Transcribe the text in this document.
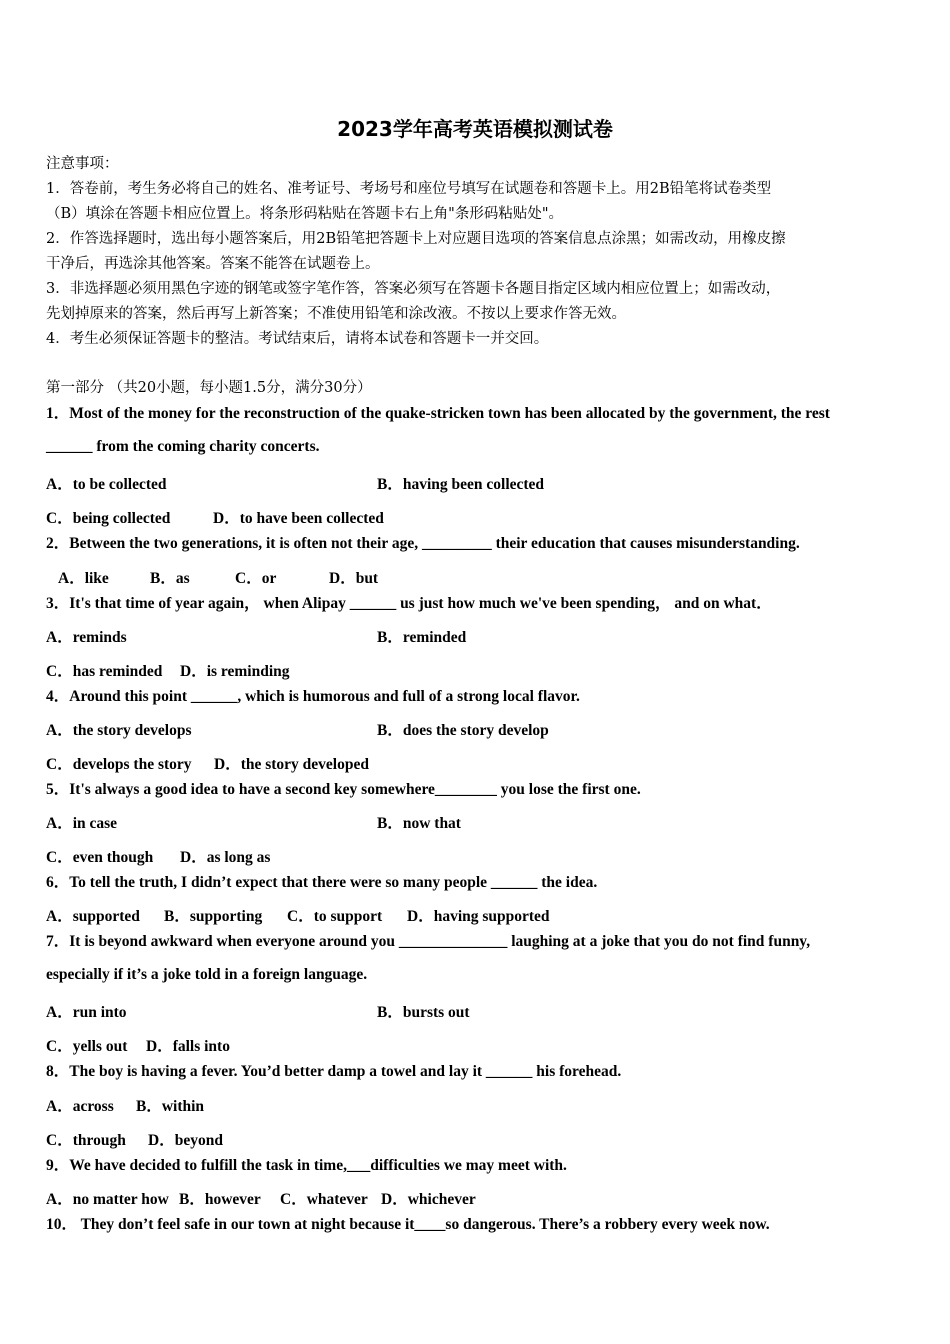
2023学年高考英语模拟测试卷
注意事项：
1．答卷前，考生务必将自己的姓名、准考证号、考场号和座位号填写在试题卷和答题卡上。用2B铅笔将试卷类型
（B）填涂在答题卡相应位置上。将条形码粘贴在答题卡右上角"条形码粘贴处"。
2．作答选择题时，选出每小题答案后，用2B铅笔把答题卡上对应题目选项的答案信息点涂黑；如需改动，用橡皮擦
干净后，再选涂其他答案。答案不能答在试题卷上。
3．非选择题必须用黑色字迹的钢笔或签字笔作答，答案必须写在答题卡各题目指定区域内相应位置上；如需改动，
先划掉原来的答案，然后再写上新答案；不准使用铅笔和涂改液。不按以上要求作答无效。
4．考生必须保证答题卡的整洁。考试结束后，请将本试卷和答题卡一并交回。
第一部分 （共20小题，每小题1.5分，满分30分）
1．Most of the money for the reconstruction of the quake-stricken town has been allocated by the government, the rest
______ from the coming charity concerts.
A．to be collected	B．having been collected
C．being collected	D．to have been collected
2．Between the two generations, it is often not their age, _________ their education that causes misunderstanding.
A．like	B．as	C．or	D．but
3．It's that time of year again， when Alipay ______ us just how much we've been spending， and on what．
A．reminds	B．reminded
C．has reminded D．is reminding
4．Around this point ______, which is humorous and full of a strong local flavor.
A．the story develops	B．does the story develop
C．develops the story D．the story developed
5．It's always a good idea to have a second key somewhere________ you lose the first one.
A．in case	B．now that
C．even though D．as long as
6．To tell the truth, I didn’t expect that there were so many people ______ the idea.
A．supported B．supporting C．to support D．having supported
7．It is beyond awkward when everyone around you ______________ laughing at a joke that you do not find funny,
especially if it’s a joke told in a foreign language.
A．run into	B．bursts out
C．yells out D．falls into
8．The boy is having a fever. You’d better damp a towel and lay it ______ his forehead.
A．across B．within
C．through D．beyond
9．We have decided to fulfill the task in time,___difficulties we may meet with.
A．no matter how B．however C．whatever D．whichever
10． They don’t feel safe in our town at night because it____so dangerous. There’s a robbery every week now.
